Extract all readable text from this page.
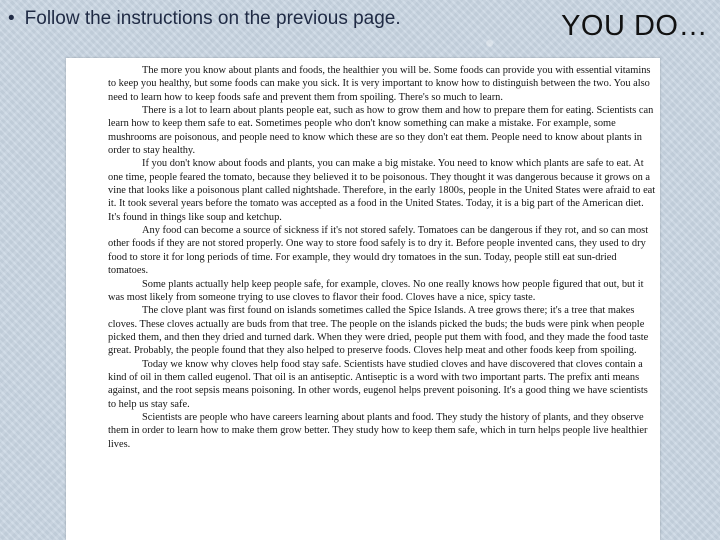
• Follow the instructions on the previous page.	YOU DO…

The more you know about plants and foods, the healthier you will be. Some foods can provide you with essential vitamins to keep you healthy, but some foods can make you sick. It is very important to know how to distinguish between the two. You also need to learn how to keep foods safe and prevent them from spoiling. There's so much to learn.

There is a lot to learn about plants people eat, such as how to grow them and how to prepare them for eating. Scientists can learn how to keep them safe to eat. Sometimes people who don't know something can make a mistake. For example, some mushrooms are poisonous, and people need to know which these are so they don't eat them. People need to know about plants in order to stay healthy.

If you don't know about foods and plants, you can make a big mistake. You need to know which plants are safe to eat. At one time, people feared the tomato, because they believed it to be poisonous. They thought it was dangerous because it grows on a vine that looks like a poisonous plant called nightshade. Therefore, in the early 1800s, people in the United States were afraid to eat it. It took several years before the tomato was accepted as a food in the United States. Today, it is a big part of the American diet. It's found in things like soup and ketchup.

Any food can become a source of sickness if it's not stored safely. Tomatoes can be dangerous if they rot, and so can most other foods if they are not stored properly. One way to store food safely is to dry it. Before people invented cans, they used to dry food to store it for long periods of time. For example, they would dry tomatoes in the sun. Today, people still eat sun-dried tomatoes.

Some plants actually help keep people safe, for example, cloves. No one really knows how people figured that out, but it was most likely from someone trying to use cloves to flavor their food. Cloves have a nice, spicy taste.

The clove plant was first found on islands sometimes called the Spice Islands. A tree grows there; it's a tree that makes cloves. These cloves actually are buds from that tree. The people on the islands picked the buds; the buds were pink when people picked them, and then they dried and turned dark. When they were dried, people put them with food, and they made the food taste great. Probably, the people found that they also helped to preserve foods. Cloves help meat and other foods keep from spoiling.

Today we know why cloves help food stay safe. Scientists have studied cloves and have discovered that cloves contain a kind of oil in them called eugenol. That oil is an antiseptic. Antiseptic is a word with two important parts. The prefix anti means against, and the root sepsis means poisoning. In other words, eugenol helps prevent poisoning. It's a good thing we have scientists to help us stay safe.

Scientists are people who have careers learning about plants and food. They study the history of plants, and they observe them in order to learn how to make them grow better. They study how to keep them safe, which in turn helps people live healthier lives.
